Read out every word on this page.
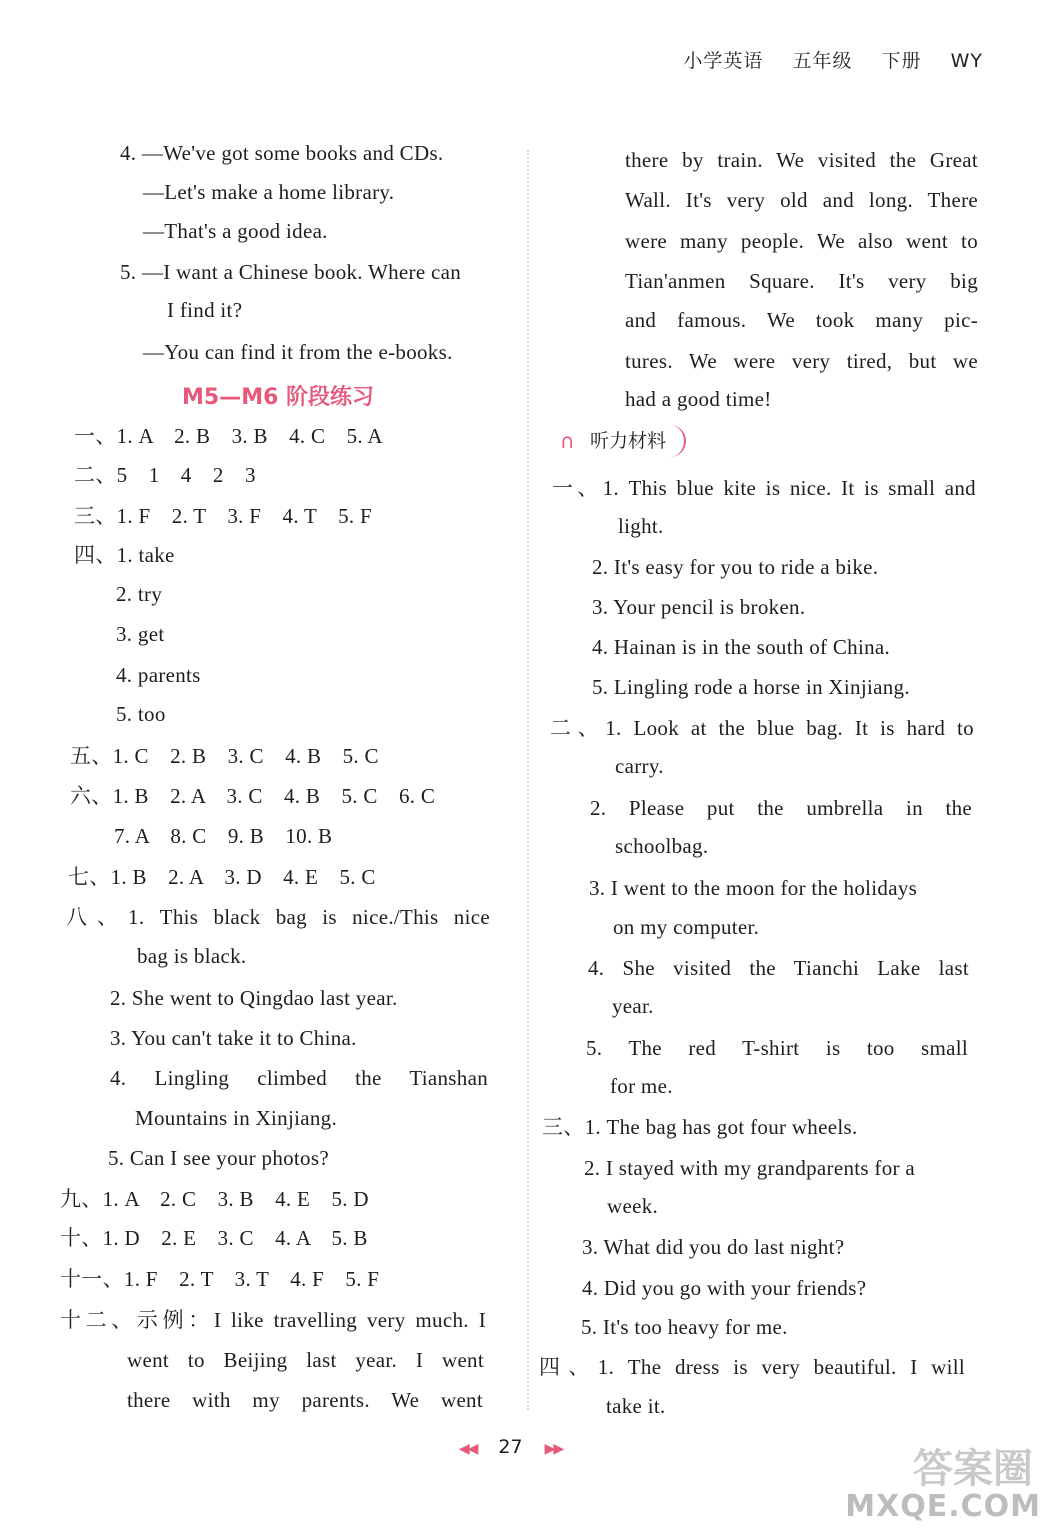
小学英语 五年级 下册 WY
4. —We've got some books and CDs.
—Let's make a home library.
—That's a good idea.
5. —I want a Chinese book. Where can
I find it?
—You can find it from the e-books.
M5—M6 阶段练习
一、1. A　2. B　3. B　4. C　5. A
二、5　1　4　2　3
三、1. F　2. T　3. F　4. T　5. F
四、1. take
2. try
3. get
4. parents
5. too
五、1. C　2. B　3. C　4. B　5. C
六、1. B　2. A　3. C　4. B　5. C　6. C
7. A　8. C　9. B　10. B
七、1. B　2. A　3. D　4. E　5. C
八、1. This black bag is nice./This nice
bag is black.
2. She went to Qingdao last year.
3. You can't take it to China.
4. Lingling climbed the Tianshan
Mountains in Xinjiang.
5. Can I see your photos?
九、1. A　2. C　3. B　4. E　5. D
十、1. D　2. E　3. C　4. A　5. B
十一、1. F　2. T　3. T　4. F　5. F
十二、示例：I like travelling very much. I
went to Beijing last year. I went
there with my parents. We went
there by train. We visited the Great
Wall. It's very old and long. There
were many people. We also went to
Tian'anmen Square. It's very big
and famous. We took many pic-
tures. We were very tired, but we
had a good time!
∩ 听力材料
一、1. This blue kite is nice. It is small and
light.
2. It's easy for you to ride a bike.
3. Your pencil is broken.
4. Hainan is in the south of China.
5. Lingling rode a horse in Xinjiang.
二、1. Look at the blue bag. It is hard to
carry.
2. Please put the umbrella in the
schoolbag.
3. I went to the moon for the holidays
on my computer.
4. She visited the Tianchi Lake last
year.
5. The red T-shirt is too small
for me.
三、1. The bag has got four wheels.
2. I stayed with my grandparents for a
week.
3. What did you do last night?
4. Did you go with your friends?
5. It's too heavy for me.
四、1. The dress is very beautiful. I will
take it.
◀◀ 27 ▶▶	答案圈
MXQE.COM
